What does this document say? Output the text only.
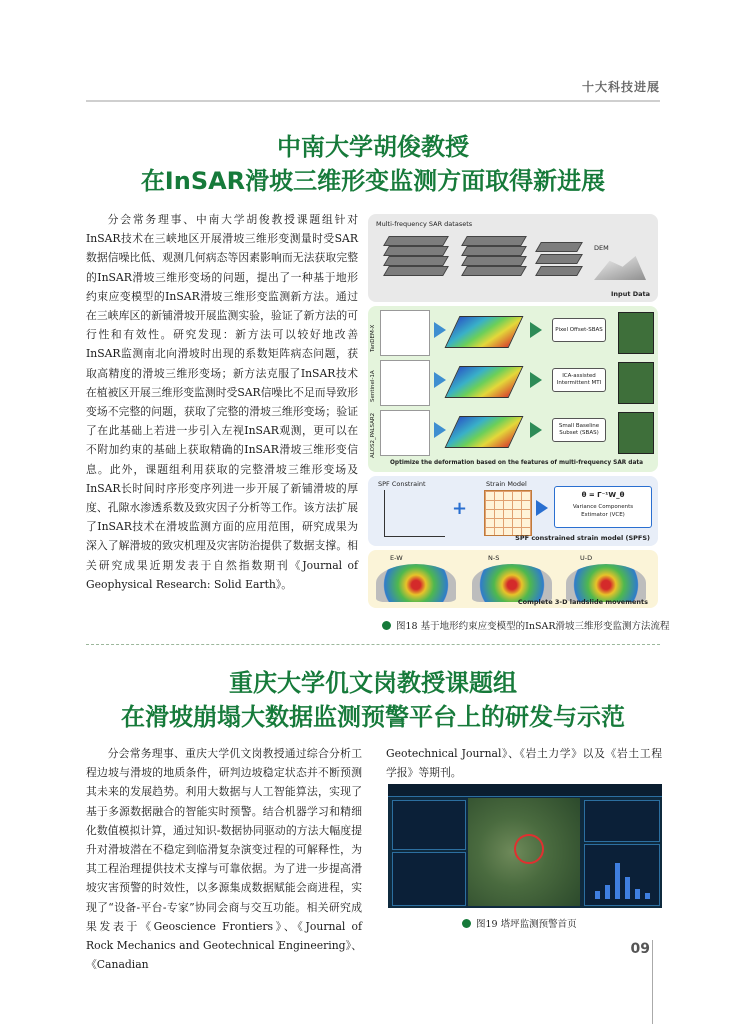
十大科技进展
中南大学胡俊教授
在InSAR滑坡三维形变监测方面取得新进展

分会常务理事、中南大学胡俊教授课题组针对InSAR技术在三峡地区开展滑坡三维形变测量时受SAR数据信噪比低、观测几何病态等因素影响而无法获取完整的InSAR滑坡三维形变场的问题，提出了一种基于地形约束应变模型的InSAR滑坡三维形变监测新方法。通过在三峡库区的新铺滑坡开展监测实验，验证了新方法的可行性和有效性。研究发现：新方法可以较好地改善InSAR监测南北向滑坡时出现的系数矩阵病态问题，获取高精度的滑坡三维形变场；新方法克服了InSAR技术在植被区开展三维形变监测时受SAR信噪比不足而导致形变场不完整的问题，获取了完整的滑坡三维形变场；验证了在此基础上若进一步引入左视InSAR观测，更可以在不附加约束的基础上获取精确的InSAR滑坡三维形变信息。此外，课题组利用获取的完整滑坡三维形变场及InSAR长时间时序形变序列进一步开展了新铺滑坡的厚度、孔隙水渗透系数及致灾因子分析等工作。该方法扩展了InSAR技术在滑坡监测方面的应用范围，研究成果为深入了解滑坡的致灾机理及灾害防治提供了数据支撑。相关研究成果近期发表于自然指数期刊《Journal of Geophysical Research: Solid Earth》。

Multi-frequency SAR datasets
DEM
Input Data
TanDEM-X
Sentinel-1A
ALOS2_PALSAR2
Pixel Offset-SBAS
ICA-assisted Intermittent MTI
Small Baseline Subset (SBAS)
Optimize the deformation based on the features of multi-frequency SAR data
SPF Constraint
+
Strain Model
θ = Γ⁻¹W_θ
Variance Components Estimator (VCE)
SPF constrained strain model (SPFS)
E-W	N-S	U-D
Complete 3-D landslide movements
图18 基于地形约束应变模型的InSAR滑坡三维形变监测方法流程
重庆大学仉文岗教授课题组
在滑坡崩塌大数据监测预警平台上的研发与示范

分会常务理事、重庆大学仉文岗教授通过综合分析工程边坡与滑坡的地质条件，研判边坡稳定状态并不断预测其未来的发展趋势。利用大数据与人工智能算法，实现了基于多源数据融合的智能实时预警。结合机器学习和精细化数值模拟计算，通过知识-数据协同驱动的方法大幅度提升对滑坡潜在不稳定到临滑复杂演变过程的可解释性，为其工程治理提供技术支撑与可靠依据。为了进一步提高滑坡灾害预警的时效性，以多源集成数据赋能会商进程，实现了“设备-平台-专家”协同会商与交互功能。相关研究成果发表于《Geoscience Frontiers》、《Journal of Rock Mechanics and Geotechnical Engineering》、《Canadian

Geotechnical Journal》、《岩土力学》以及《岩土工程学报》等期刊。

图19 塔坪监测预警首页
09
